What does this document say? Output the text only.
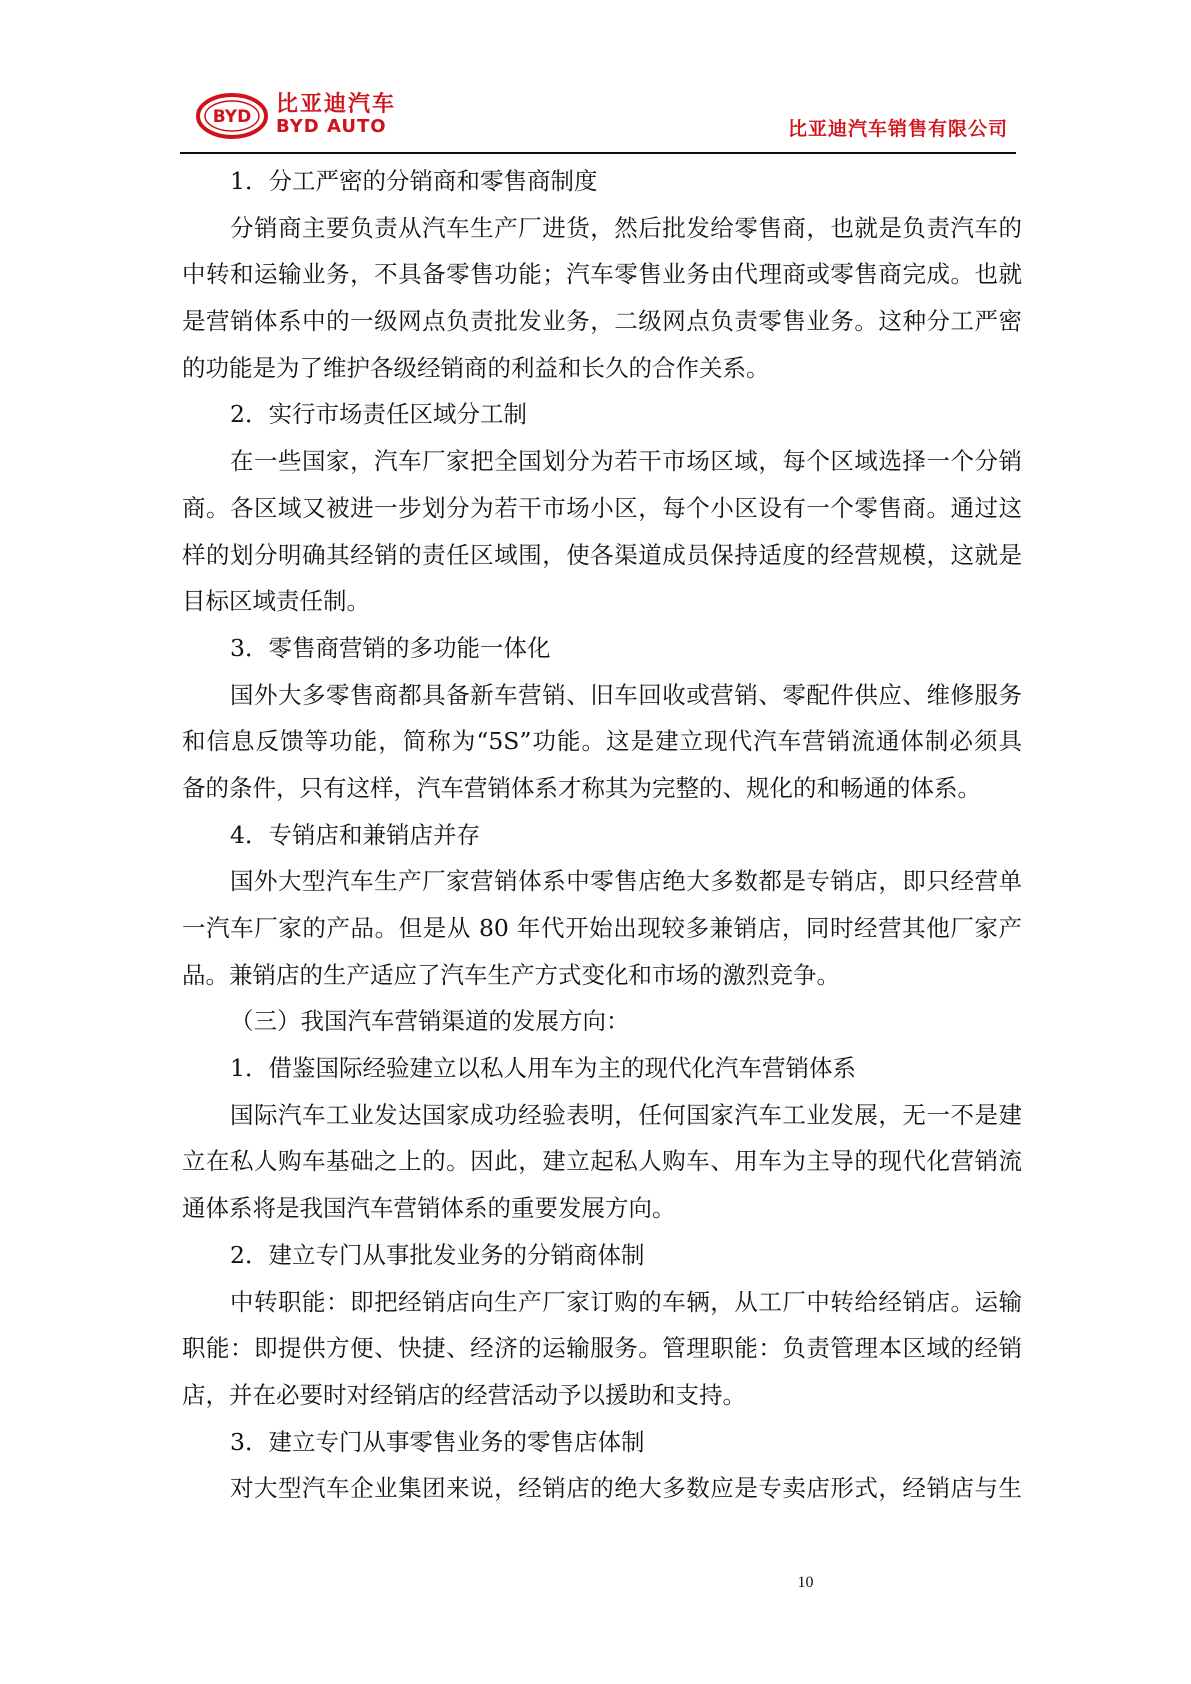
BYD 比亚迪汽车
BYD AUTO	比亚迪汽车销售有限公司

1．分工严密的分销商和零售商制度

分销商主要负责从汽车生产厂进货，然后批发给零售商，也就是负责汽车的

中转和运输业务，不具备零售功能；汽车零售业务由代理商或零售商完成。也就

是营销体系中的一级网点负责批发业务，二级网点负责零售业务。这种分工严密

的功能是为了维护各级经销商的利益和长久的合作关系。

2．实行市场责任区域分工制

在一些国家，汽车厂家把全国划分为若干市场区域，每个区域选择一个分销

商。各区域又被进一步划分为若干市场小区，每个小区设有一个零售商。通过这

样的划分明确其经销的责任区域围，使各渠道成员保持适度的经营规模，这就是

目标区域责任制。

3．零售商营销的多功能一体化

国外大多零售商都具备新车营销、旧车回收或营销、零配件供应、维修服务

和信息反馈等功能，简称为“5S”功能。这是建立现代汽车营销流通体制必须具

备的条件，只有这样，汽车营销体系才称其为完整的、规化的和畅通的体系。

4．专销店和兼销店并存

国外大型汽车生产厂家营销体系中零售店绝大多数都是专销店，即只经营单

一汽车厂家的产品。但是从 80 年代开始出现较多兼销店，同时经营其他厂家产

品。兼销店的生产适应了汽车生产方式变化和市场的激烈竞争。

（三）我国汽车营销渠道的发展方向：

1．借鉴国际经验建立以私人用车为主的现代化汽车营销体系

国际汽车工业发达国家成功经验表明，任何国家汽车工业发展，无一不是建

立在私人购车基础之上的。因此，建立起私人购车、用车为主导的现代化营销流

通体系将是我国汽车营销体系的重要发展方向。

2．建立专门从事批发业务的分销商体制

中转职能：即把经销店向生产厂家订购的车辆，从工厂中转给经销店。运输

职能：即提供方便、快捷、经济的运输服务。管理职能：负责管理本区域的经销

店，并在必要时对经销店的经营活动予以援助和支持。

3．建立专门从事零售业务的零售店体制

对大型汽车企业集团来说，经销店的绝大多数应是专卖店形式，经销店与生

10
